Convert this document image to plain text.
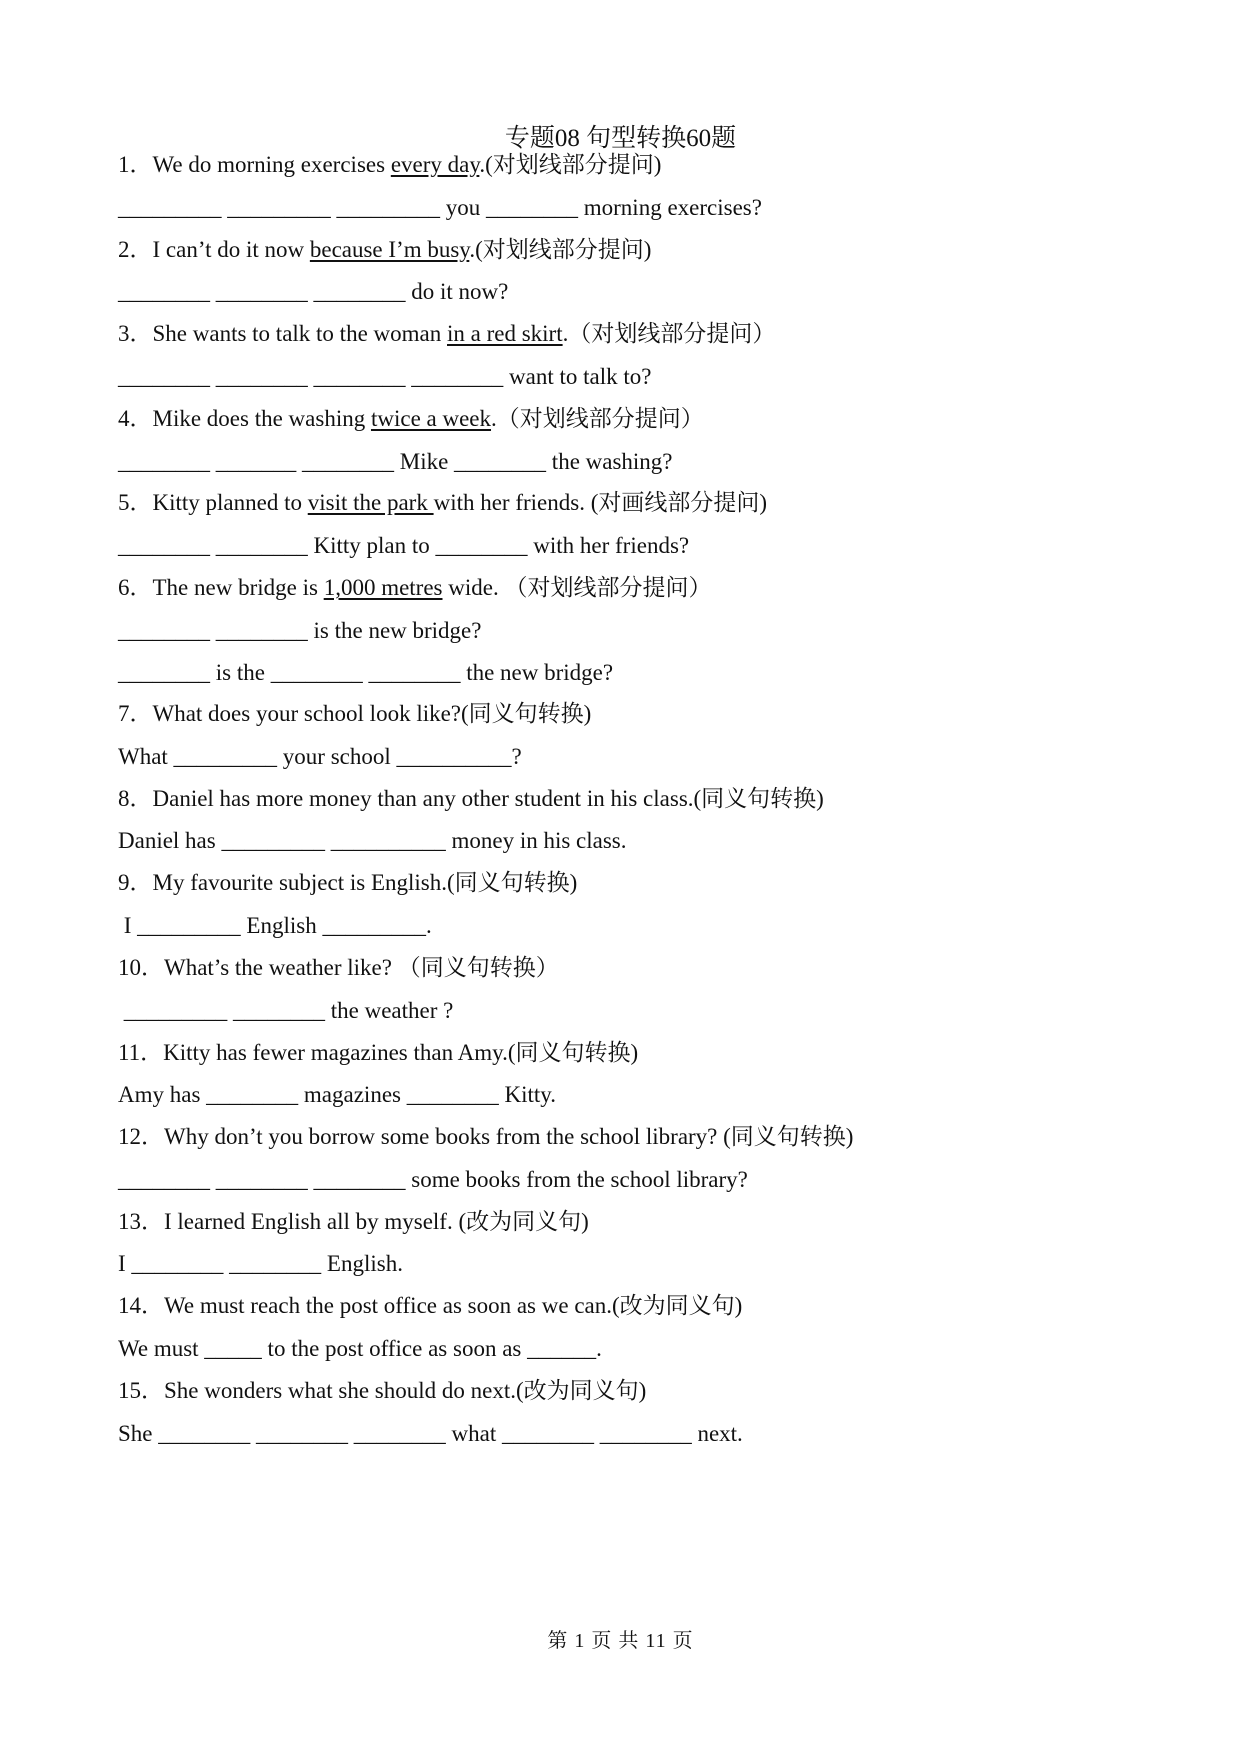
专题08 句型转换60题
1．We do morning exercises every day.(对划线部分提问)
_________ _________ _________ you ________ morning exercises?
2．I can’t do it now because I’m busy.(对划线部分提问)
________ ________ ________ do it now?
3．She wants to talk to the woman in a red skirt.（对划线部分提问）
________ ________ ________ ________ want to talk to?
4．Mike does the washing twice a week.（对划线部分提问）
________ _______ ________ Mike ________ the washing?
5．Kitty planned to visit the park with her friends. (对画线部分提问)
________ ________ Kitty plan to ________ with her friends?
6．The new bridge is 1,000 metres wide. （对划线部分提问）
________ ________ is the new bridge?
________ is the ________ ________ the new bridge?
7．What does your school look like?(同义句转换)
What _________ your school __________?
8．Daniel has more money than any other student in his class.(同义句转换)
Daniel has _________ __________ money in his class.
9．My favourite subject is English.(同义句转换)
I _________ English _________.
10．What’s the weather like? （同义句转换）
_________ ________ the weather ?
11．Kitty has fewer magazines than Amy.(同义句转换)
Amy has ________ magazines ________ Kitty.
12．Why don’t you borrow some books from the school library? (同义句转换)
________ ________ ________ some books from the school library?
13．I learned English all by myself. (改为同义句)
I ________ ________ English.
14．We must reach the post office as soon as we can.(改为同义句)
We must _____ to the post office as soon as ______.
15．She wonders what she should do next.(改为同义句)
She ________ ________ ________ what ________ ________ next.
第 1 页 共 11 页
